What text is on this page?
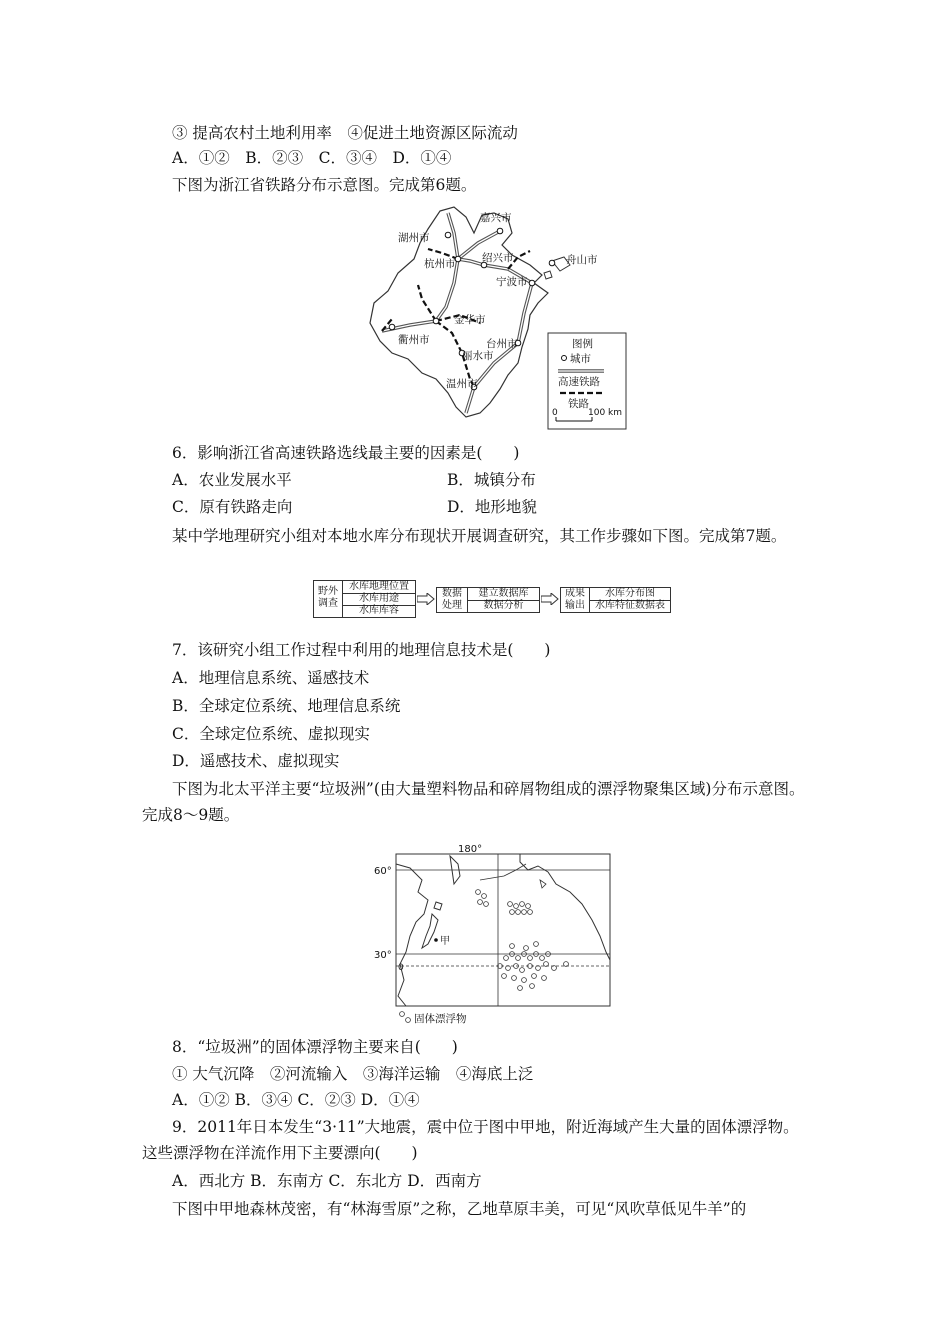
③ 提高农村土地利用率　④促进土地资源区际流动
A．①②　B．②③　C．③④　D．①④
下图为浙江省铁路分布示意图。完成第6题。
嘉兴市
湖州市
杭州市	绍兴市
宁波市
舟山市
金华市
衢州市	台州市
丽水市
温州市
图例
城市
高速铁路
铁路
0	100 km
6．影响浙江省高速铁路选线最主要的因素是(　　)
A．农业发展水平	B．城镇分布
C．原有铁路走向	D．地形地貌
某中学地理研究小组对本地水库分布现状开展调查研究，其工作步骤如下图。完成第7题。
野外调查
水库地理位置
水库用途
水库库容
数据处理
建立数据库
数据分析
成果输出
水库分布图
水库特征数据表
7．该研究小组工作过程中利用的地理信息技术是(　　)
A．地理信息系统、遥感技术
B．全球定位系统、地理信息系统
C．全球定位系统、虚拟现实
D．遥感技术、虚拟现实
下图为北太平洋主要“垃圾洲”(由大量塑料物品和碎屑物组成的漂浮物聚集区域)分布示意图。完成8～9题。
180°
60°
30°
0
甲
固体漂浮物
8．“垃圾洲”的固体漂浮物主要来自(　　)
① 大气沉降　②河流输入　③海洋运输　④海底上泛
A．①② B．③④ C．②③ D．①④
9．2011年日本发生“3·11”大地震，震中位于图中甲地，附近海域产生大量的固体漂浮物。这些漂浮物在洋流作用下主要漂向(　　)
A．西北方 B．东南方 C．东北方 D．西南方
下图中甲地森林茂密，有“林海雪原”之称，乙地草原丰美，可见“风吹草低见牛羊”的
